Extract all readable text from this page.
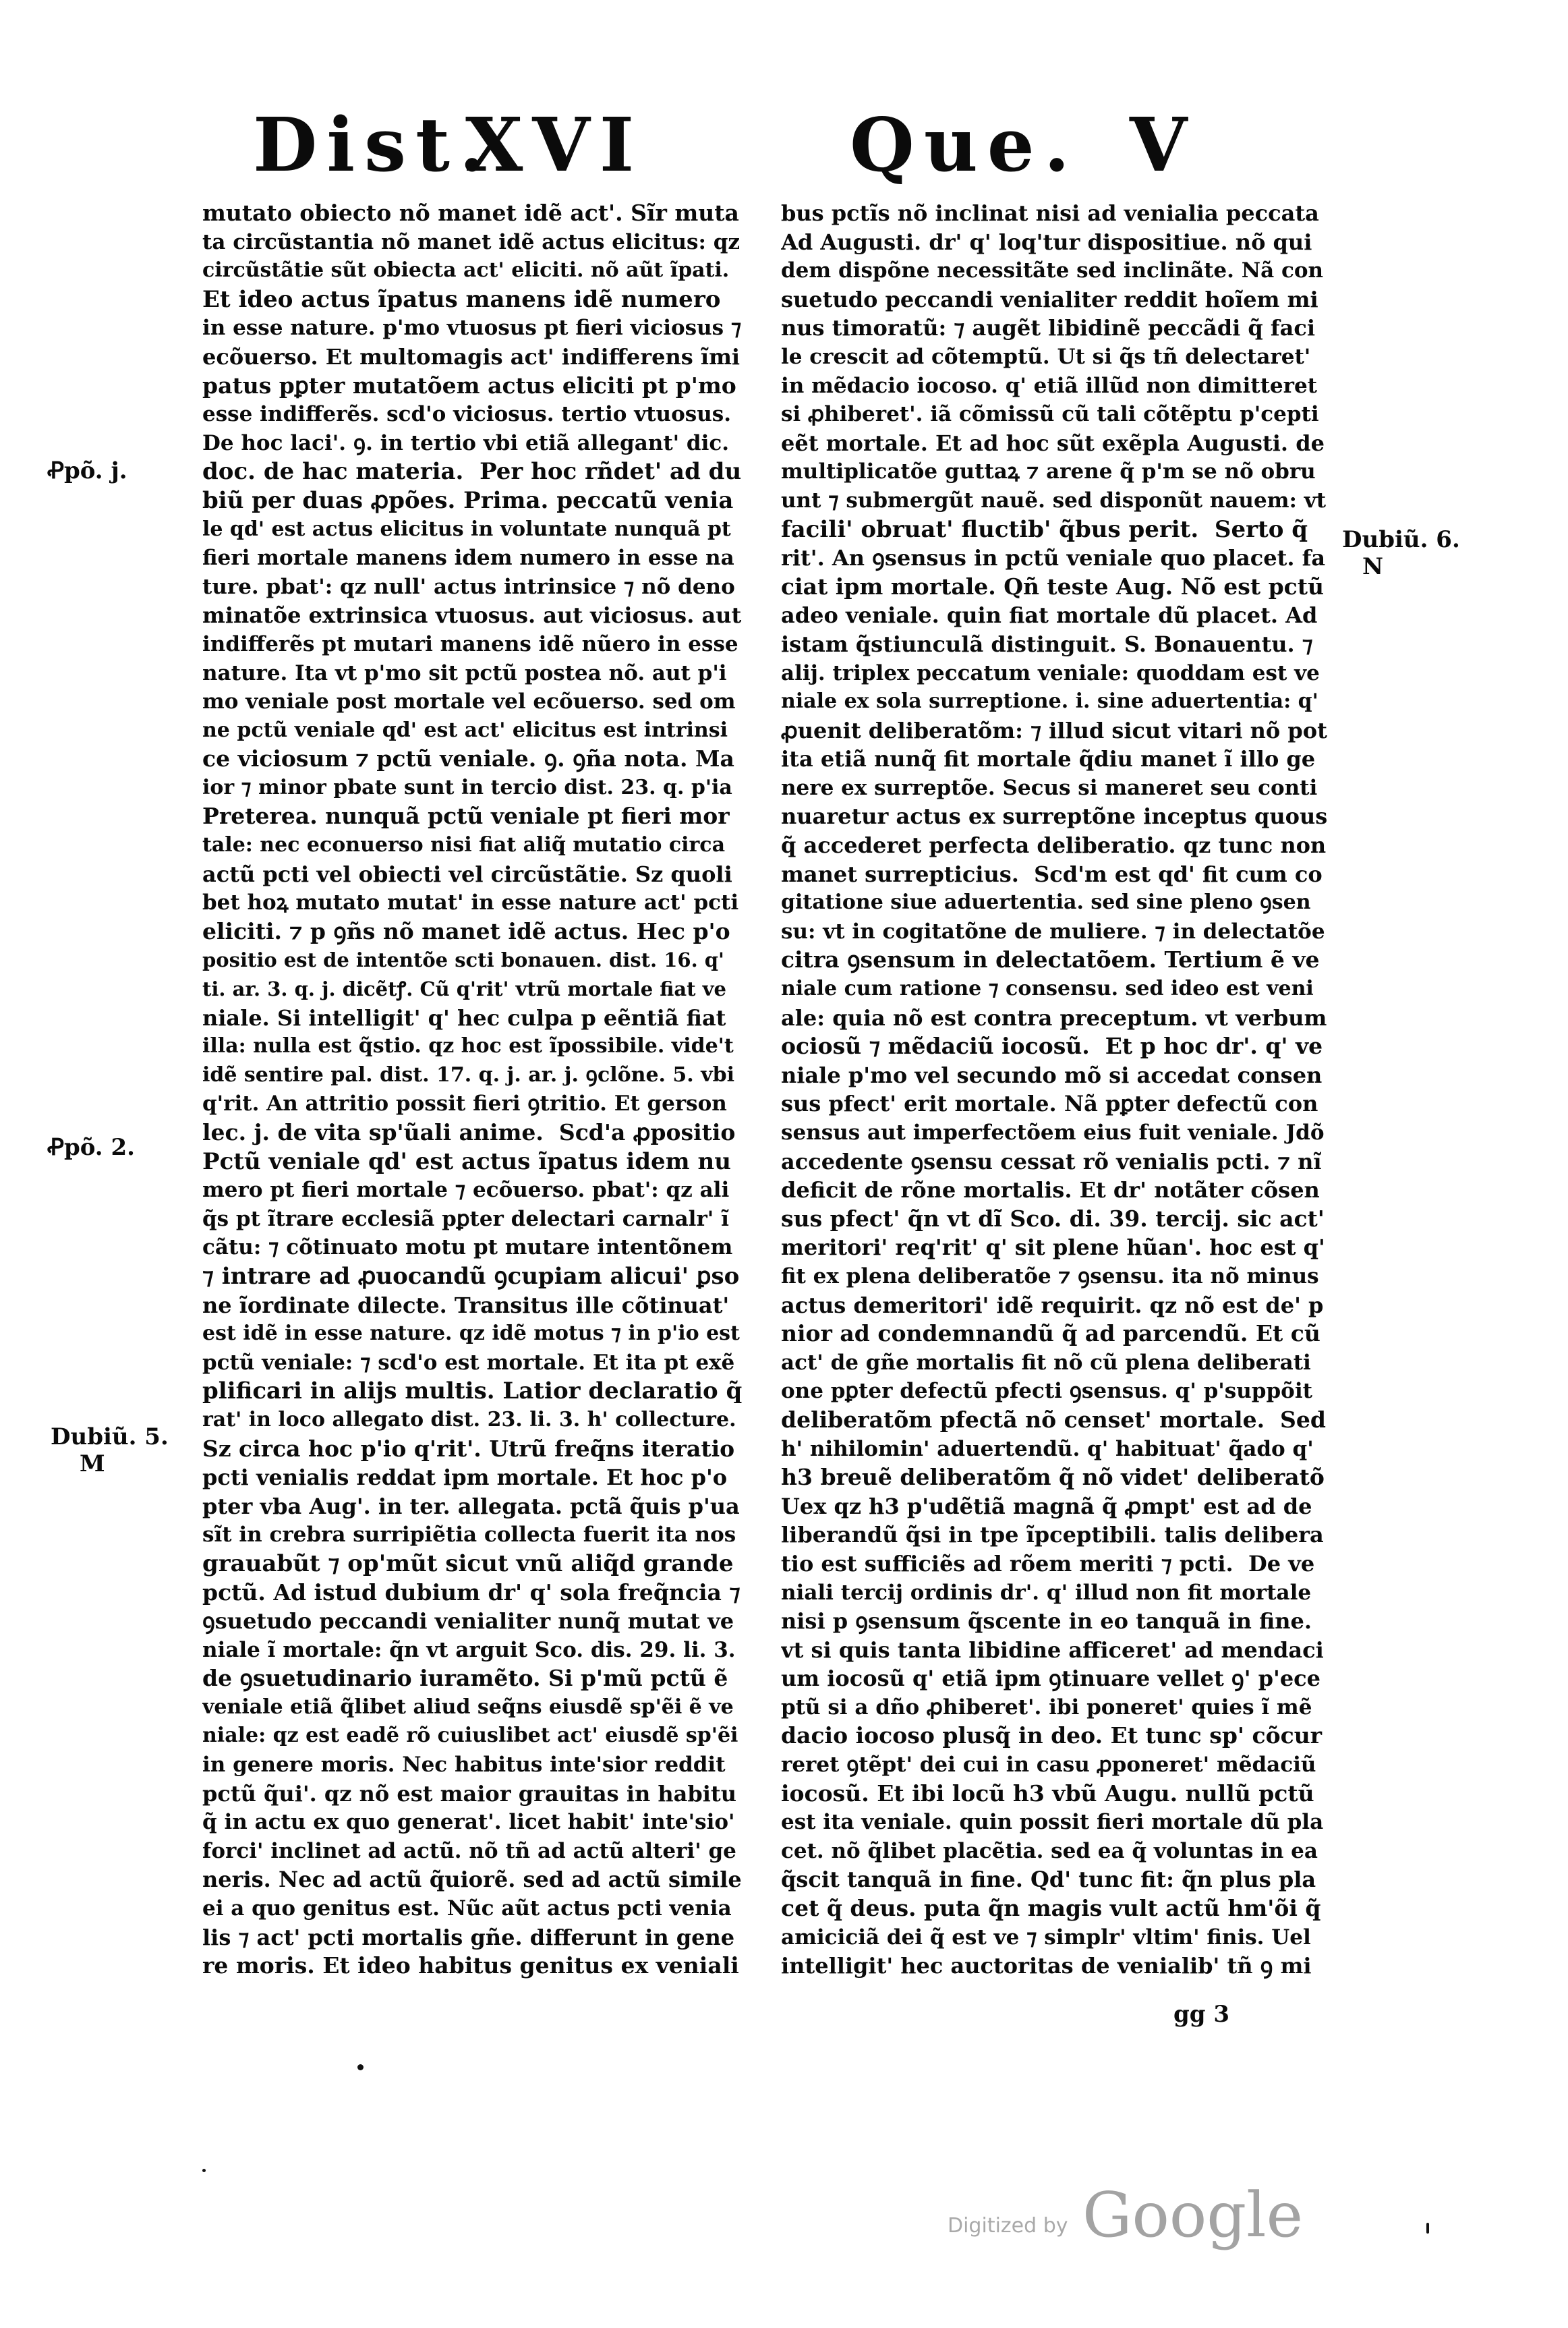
Dist.
XVI	Que. V
mutato obiecto nõ manet idẽ act'. Sĩr muta
ta circũstantia nõ manet idẽ actus elicitus: qz
circũstãtie sũt obiecta act' eliciti. nõ aũt ĩpati.
Et ideo actus ĩpatus manens idẽ numero
in esse nature. p'mo vtuosus pt fieri viciosus ⁊
ecõuerso. Et multomagis act' indifferens ĩmi
patus pꝑter mutatõem actus eliciti pt p'mo
esse indifferẽs. scd'o viciosus. tertio vtuosus.
De hoc laci'. ꝯ. in tertio vbi etiã allegant' dic.
doc. de hac materia.  Per hoc rñdet' ad du
biũ per duas ꝓpões. Prima. peccatũ venia
le qd' est actus elicitus in voluntate nunquã pt
fieri mortale manens idem numero in esse na
ture. pbat': qz null' actus intrinsice ⁊ nõ deno
minatõe extrinsica vtuosus. aut viciosus. aut
indifferẽs pt mutari manens idẽ nũero in esse
nature. Ita vt p'mo sit pctũ postea nõ. aut p'i
mo veniale post mortale vel ecõuerso. sed om
ne pctũ veniale qd' est act' elicitus est intrinsi
ce viciosum ⁊ pctũ veniale. ꝯ. ꝯña nota. Ma
ior ⁊ minor pbate sunt in tercio dist. 23. q. p'ia
Preterea. nunquã pctũ veniale pt fieri mor
tale: nec econuerso nisi fiat aliq̃ mutatio circa
actũ pcti vel obiecti vel circũstãtie. Sz quoli
bet hoꝝ mutato mutat' in esse nature act' pcti
eliciti. ⁊ p ꝯñs nõ manet idẽ actus. Hec p'o
positio est de intentõe scti bonauen. dist. 16. q'
ti. ar. 3. q. j. dicẽtꝭ. Cũ q'rit' vtrũ mortale fiat ve
niale. Si intelligit' q' hec culpa p eẽntiã fiat
illa: nulla est q̃stio. qz hoc est ĩpossibile. vide't
idẽ sentire pal. dist. 17. q. j. ar. j. ꝯclõne. 5. vbi
q'rit. An attritio possit fieri ꝯtritio. Et gerson
lec. j. de vita sp'ũali anime.  Scd'a ꝓpositio
Pctũ veniale qd' est actus ĩpatus idem nu
mero pt fieri mortale ⁊ ecõuerso. pbat': qz ali
q̃s pt ĩtrare ecclesiã pꝑter delectari carnalr' ĩ
cãtu: ⁊ cõtinuato motu pt mutare intentõnem
⁊ intrare ad ꝓuocandũ ꝯcupiam alicui' ꝑso
ne ĩordinate dilecte. Transitus ille cõtinuat'
est idẽ in esse nature. qz idẽ motus ⁊ in p'io est
pctũ veniale: ⁊ scd'o est mortale. Et ita pt exẽ
plificari in alijs multis. Latior declaratio q̃
rat' in loco allegato dist. 23. li. 3. h' collecture.
Sz circa hoc p'io q'rit'. Utrũ freq̃ns iteratio
pcti venialis reddat ipm mortale. Et hoc p'o
pter vba Aug'. in ter. allegata. pctã q̃uis p'ua
sĩt in crebra surripiẽtia collecta fuerit ita nos
grauabũt ⁊ op'mũt sicut vnũ aliq̃d grande
pctũ. Ad istud dubium dr' q' sola freq̃ncia ⁊
ꝯsuetudo peccandi venialiter nunq̃ mutat ve
niale ĩ mortale: q̃n vt arguit Sco. dis. 29. li. 3.
de ꝯsuetudinario iuramẽto. Si p'mũ pctũ ẽ
veniale etiã q̃libet aliud seq̃ns eiusdẽ sp'ẽi ẽ ve
niale: qz est eadẽ rõ cuiuslibet act' eiusdẽ sp'ẽi
in genere moris. Nec habitus inte'sior reddit
pctũ q̃ui'. qz nõ est maior grauitas in habitu
q̃ in actu ex quo generat'. licet habit' inte'sio'
forci' inclinet ad actũ. nõ tñ ad actũ alteri' ge
neris. Nec ad actũ q̃uiorẽ. sed ad actũ simile
ei a quo genitus est. Nũc aũt actus pcti venia
lis ⁊ act' pcti mortalis gñe. differunt in gene
re moris. Et ideo habitus genitus ex veniali
bus pctĩs nõ inclinat nisi ad venialia peccata
Ad Augusti. dr' q' loq'tur dispositiue. nõ qui
dem dispõne necessitãte sed inclinãte. Nã con
suetudo peccandi venialiter reddit hoĩem mi
nus timoratũ: ⁊ augẽt libidinẽ peccãdi q̃ faci
le crescit ad cõtemptũ. Ut si q̃s tñ delectaret'
in mẽdacio iocoso. q' etiã illũd non dimitteret
si ꝓhiberet'. iã cõmissũ cũ tali cõtẽptu p'cepti
eẽt mortale. Et ad hoc sũt exẽpla Augusti. de
multiplicatõe guttaꝝ ⁊ arene q̃ p'm se nõ obru
unt ⁊ submergũt nauẽ. sed disponũt nauem: vt
facili' obruat' fluctib' q̃bus perit.  Serto q̃
rit'. An ꝯsensus in pctũ veniale quo placet. fa
ciat ipm mortale. Qñ teste Aug. Nõ est pctũ
adeo veniale. quin fiat mortale dũ placet. Ad
istam q̃stiunculã distinguit. S. Bonauentu. ⁊
alij. triplex peccatum veniale: quoddam est ve
niale ex sola surreptione. i. sine aduertentia: q'
ꝓuenit deliberatõm: ⁊ illud sicut vitari nõ pot
ita etiã nunq̃ fit mortale q̃diu manet ĩ illo ge
nere ex surreptõe. Secus si maneret seu conti
nuaretur actus ex surreptõne inceptus quous
q̃ accederet perfecta deliberatio. qz tunc non
manet surrepticius.  Scd'm est qd' fit cum co
gitatione siue aduertentia. sed sine pleno ꝯsen
su: vt in cogitatõne de muliere. ⁊ in delectatõe
citra ꝯsensum in delectatõem. Tertium ẽ ve
niale cum ratione ⁊ consensu. sed ideo est veni
ale: quia nõ est contra preceptum. vt verbum
ociosũ ⁊ mẽdaciũ iocosũ.  Et p hoc dr'. q' ve
niale p'mo vel secundo mõ si accedat consen
sus pfect' erit mortale. Nã pꝑter defectũ con
sensus aut imperfectõem eius fuit veniale. Jdõ
accedente ꝯsensu cessat rõ venialis pcti. ⁊ nĩ
deficit de rõne mortalis. Et dr' notãter cõsen
sus pfect' q̃n vt dĩ Sco. di. 39. tercij. sic act'
meritori' req'rit' q' sit plene hũan'. hoc est q'
fit ex plena deliberatõe ⁊ ꝯsensu. ita nõ minus
actus demeritori' idẽ requirit. qz nõ est de' p
nior ad condemnandũ q̃ ad parcendũ. Et cũ
act' de gñe mortalis fit nõ cũ plena deliberati
one pꝑter defectũ pfecti ꝯsensus. q' p'suppõit
deliberatõm pfectã nõ censet' mortale.  Sed
h' nihilomin' aduertendũ. q' habituat' q̃ado q'
h3 breuẽ deliberatõm q̃ nõ videt' deliberatõ
Uex qz h3 p'udẽtiã magnã q̃ ꝓmpt' est ad de
liberandũ q̃si in tpe ĩpceptibili. talis delibera
tio est sufficiẽs ad rõem meriti ⁊ pcti.  De ve
niali tercij ordinis dr'. q' illud non fit mortale
nisi p ꝯsensum q̃scente in eo tanquã in fine.
vt si quis tanta libidine afficeret' ad mendaci
um iocosũ q' etiã ipm ꝯtinuare vellet ꝯ' p'ece
ptũ si a dño ꝓhiberet'. ibi poneret' quies ĩ mẽ
dacio iocoso plusq̃ in deo. Et tunc sp' cõcur
reret ꝯtẽpt' dei cui in casu ꝓponeret' mẽdaciũ
iocosũ. Et ibi locũ h3 vbũ Augu. nullũ pctũ
est ita veniale. quin possit fieri mortale dũ pla
cet. nõ q̃libet placẽtia. sed ea q̃ voluntas in ea
q̃scit tanquã in fine. Qd' tunc fit: q̃n plus pla
cet q̃ deus. puta q̃n magis vult actũ hm'õi q̃
amiciciã dei q̃ est ve ⁊ simplr' vltim' finis. Uel
intelligit' hec auctoritas de venialib' tñ ꝯ mi
Ꝓpõ. j.
Ꝓpõ. 2.
Dubiũ. 5.
M
Dubiũ. 6.
N
gg 3
Digitized by Google
